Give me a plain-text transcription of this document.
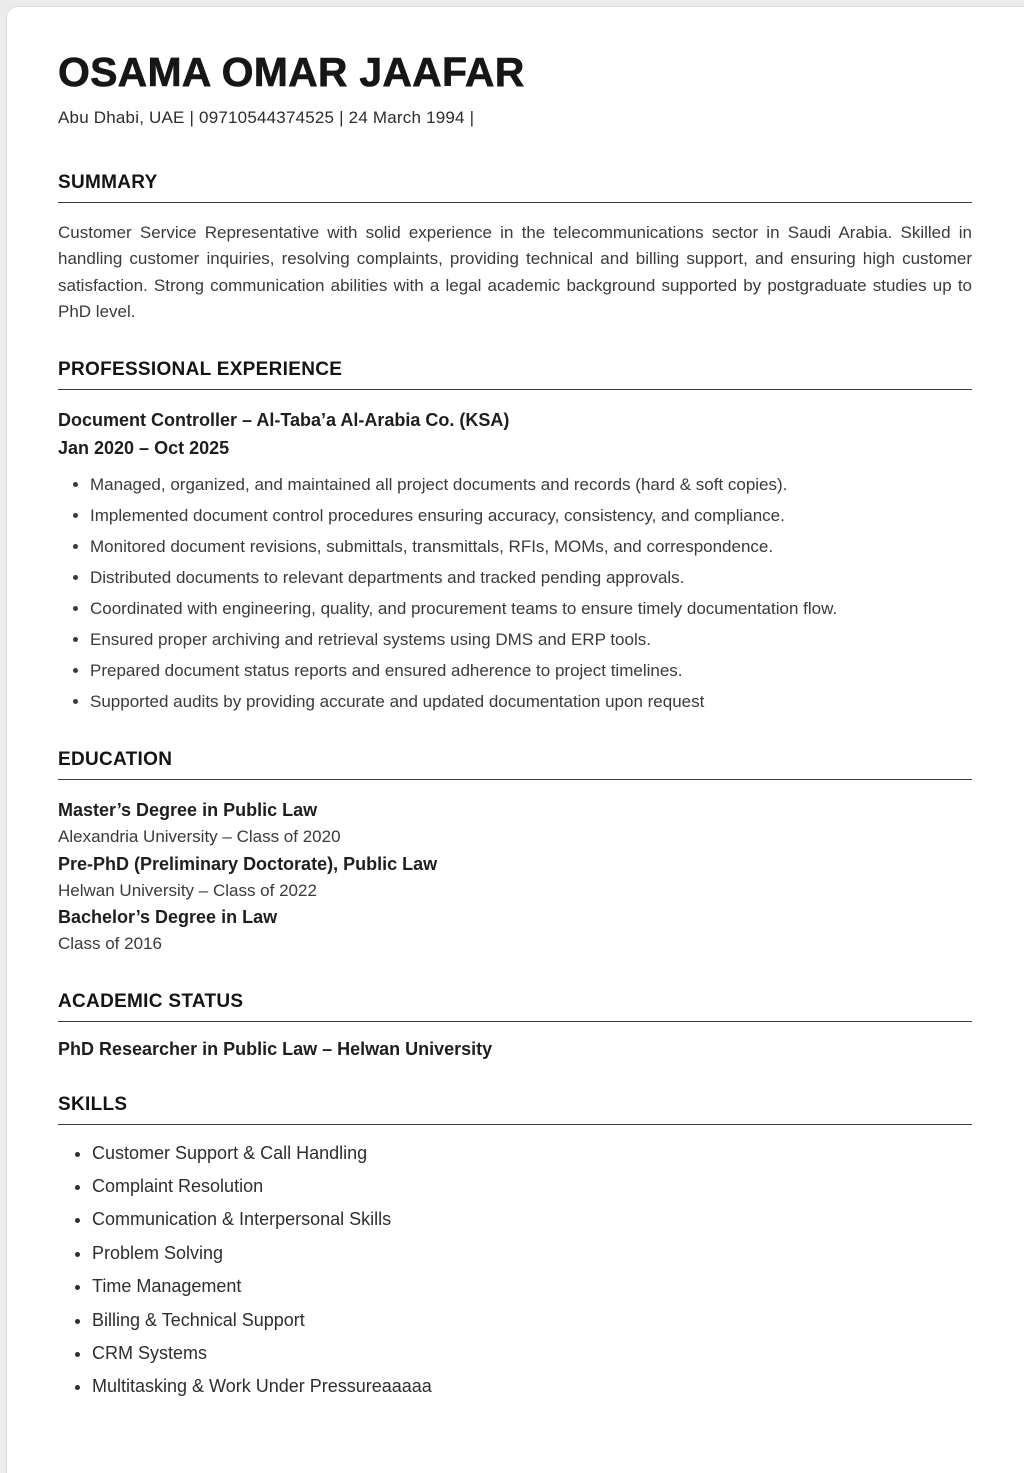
OSAMA OMAR JAAFAR

Abu Dhabi, UAE | 09710544374525 | 24 March 1994 |

SUMMARY

Customer Service Representative with solid experience in the telecommunications sector in Saudi Arabia. Skilled in handling customer inquiries, resolving complaints, providing technical and billing support, and ensuring high customer satisfaction. Strong communication abilities with a legal academic background supported by postgraduate studies up to PhD level.

PROFESSIONAL EXPERIENCE

Document Controller – Al-Taba’a Al-Arabia Co. (KSA)

Jan 2020 – Oct 2025

• Managed, organized, and maintained all project documents and records (hard & soft copies).
• Implemented document control procedures ensuring accuracy, consistency, and compliance.
• Monitored document revisions, submittals, transmittals, RFIs, MOMs, and correspondence.
• Distributed documents to relevant departments and tracked pending approvals.
• Coordinated with engineering, quality, and procurement teams to ensure timely documentation flow.
• Ensured proper archiving and retrieval systems using DMS and ERP tools.
• Prepared document status reports and ensured adherence to project timelines.
• Supported audits by providing accurate and updated documentation upon request
EDUCATION

Master’s Degree in Public Law

Alexandria University – Class of 2020

Pre-PhD (Preliminary Doctorate), Public Law

Helwan University – Class of 2022

Bachelor’s Degree in Law

Class of 2016

ACADEMIC STATUS

PhD Researcher in Public Law – Helwan University

SKILLS
• Customer Support & Call Handling
• Complaint Resolution
• Communication & Interpersonal Skills
• Problem Solving
• Time Management
• Billing & Technical Support
• CRM Systems
• Multitasking & Work Under Pressureaaaaa
